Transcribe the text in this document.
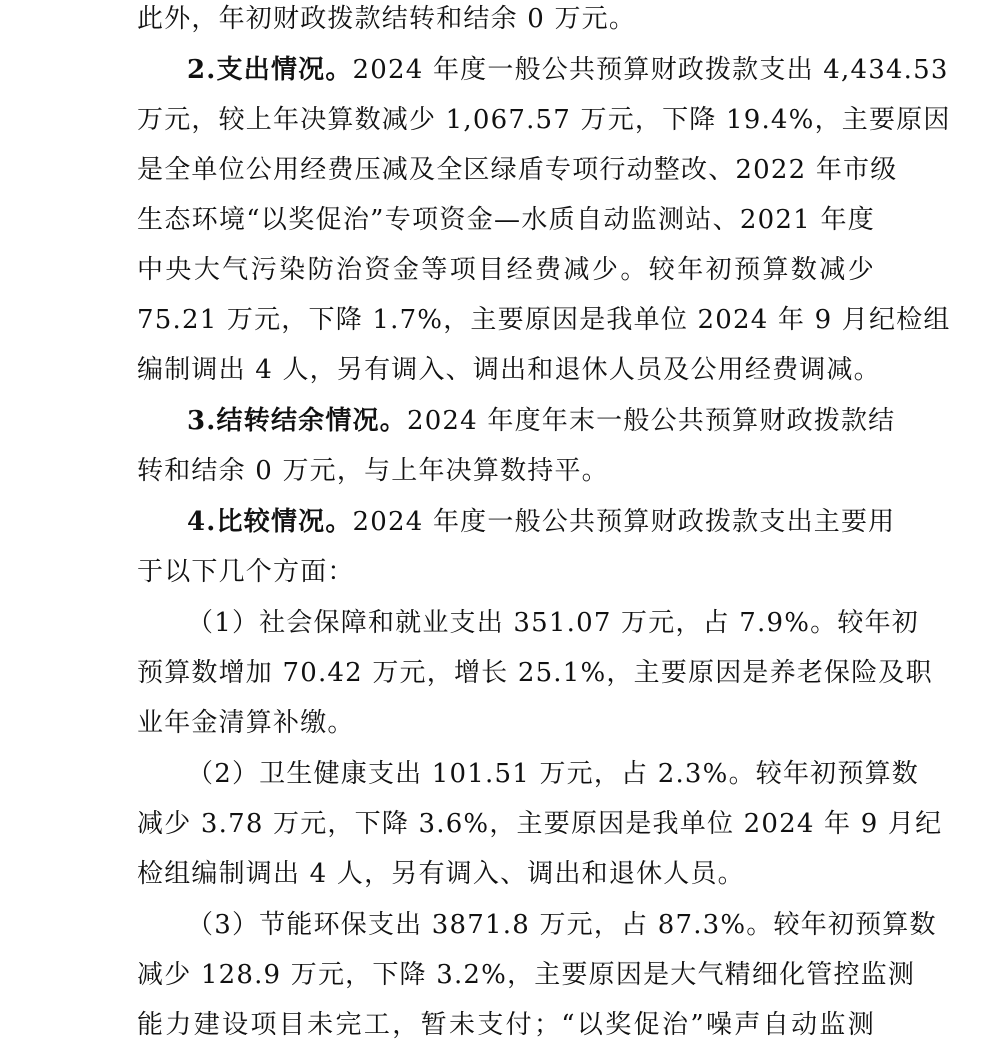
此外，年初财政拨款结转和结余 0 万元。
2.支出情况。2024 年度一般公共预算财政拨款支出 4,434.53
万元，较上年决算数减少 1,067.57 万元，下降 19.4%，主要原因
是全单位公用经费压减及全区绿盾专项行动整改、2022 年市级
生态环境“以奖促治”专项资金—水质自动监测站、2021 年度
中央大气污染防治资金等项目经费减少。较年初预算数减少
75.21 万元，下降 1.7%，主要原因是我单位 2024 年 9 月纪检组
编制调出 4 人，另有调入、调出和退休人员及公用经费调减。
3.结转结余情况。2024 年度年末一般公共预算财政拨款结
转和结余 0 万元，与上年决算数持平。
4.比较情况。2024 年度一般公共预算财政拨款支出主要用
于以下几个方面：
（1）社会保障和就业支出 351.07 万元，占 7.9%。较年初
预算数增加 70.42 万元，增长 25.1%，主要原因是养老保险及职
业年金清算补缴。
（2）卫生健康支出 101.51 万元，占 2.3%。较年初预算数
减少 3.78 万元，下降 3.6%，主要原因是我单位 2024 年 9 月纪
检组编制调出 4 人，另有调入、调出和退休人员。
（3）节能环保支出 3871.8 万元，占 87.3%。较年初预算数
减少 128.9 万元，下降 3.2%，主要原因是大气精细化管控监测
能力建设项目未完工，暂未支付；“以奖促治”噪声自动监测
